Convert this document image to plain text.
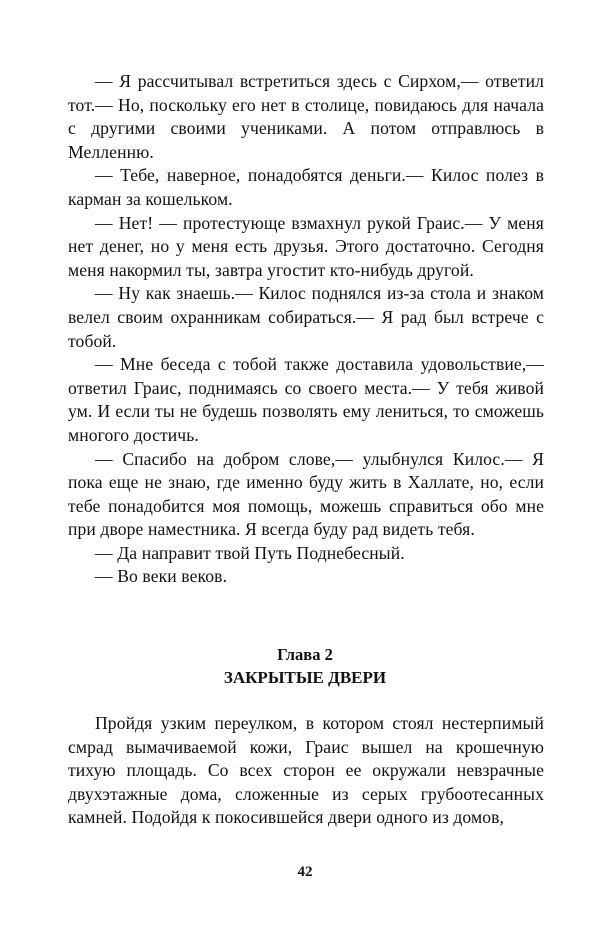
— Я рассчитывал встретиться здесь с Сирхом,— ответил тот.— Но, поскольку его нет в столице, повидаюсь для начала с другими своими учениками. А потом отправлюсь в Мелленню.

— Тебе, наверное, понадобятся деньги.— Килос полез в карман за кошельком.

— Нет! — протестующе взмахнул рукой Граис.— У меня нет денег, но у меня есть друзья. Этого достаточно. Сегодня меня накормил ты, завтра угостит кто-нибудь другой.

— Ну как знаешь.— Килос поднялся из-за стола и знаком велел своим охранникам собираться.— Я рад был встрече с тобой.

— Мне беседа с тобой также доставила удовольствие,— ответил Граис, поднимаясь со своего места.— У тебя живой ум. И если ты не будешь позволять ему лениться, то сможешь многого достичь.

— Спасибо на добром слове,— улыбнулся Килос.— Я пока еще не знаю, где именно буду жить в Халлате, но, если тебе понадобится моя помощь, можешь справиться обо мне при дворе наместника. Я всегда буду рад видеть тебя.

— Да направит твой Путь Поднебесный.

— Во веки веков.

Глава 2

ЗАКРЫТЫЕ ДВЕРИ

Пройдя узким переулком, в котором стоял нестерпимый смрад вымачиваемой кожи, Граис вышел на крошечную тихую площадь. Со всех сторон ее окружали невзрачные двухэтажные дома, сложенные из серых грубоотесанных камней. Подойдя к покосившейся двери одного из домов,

42
